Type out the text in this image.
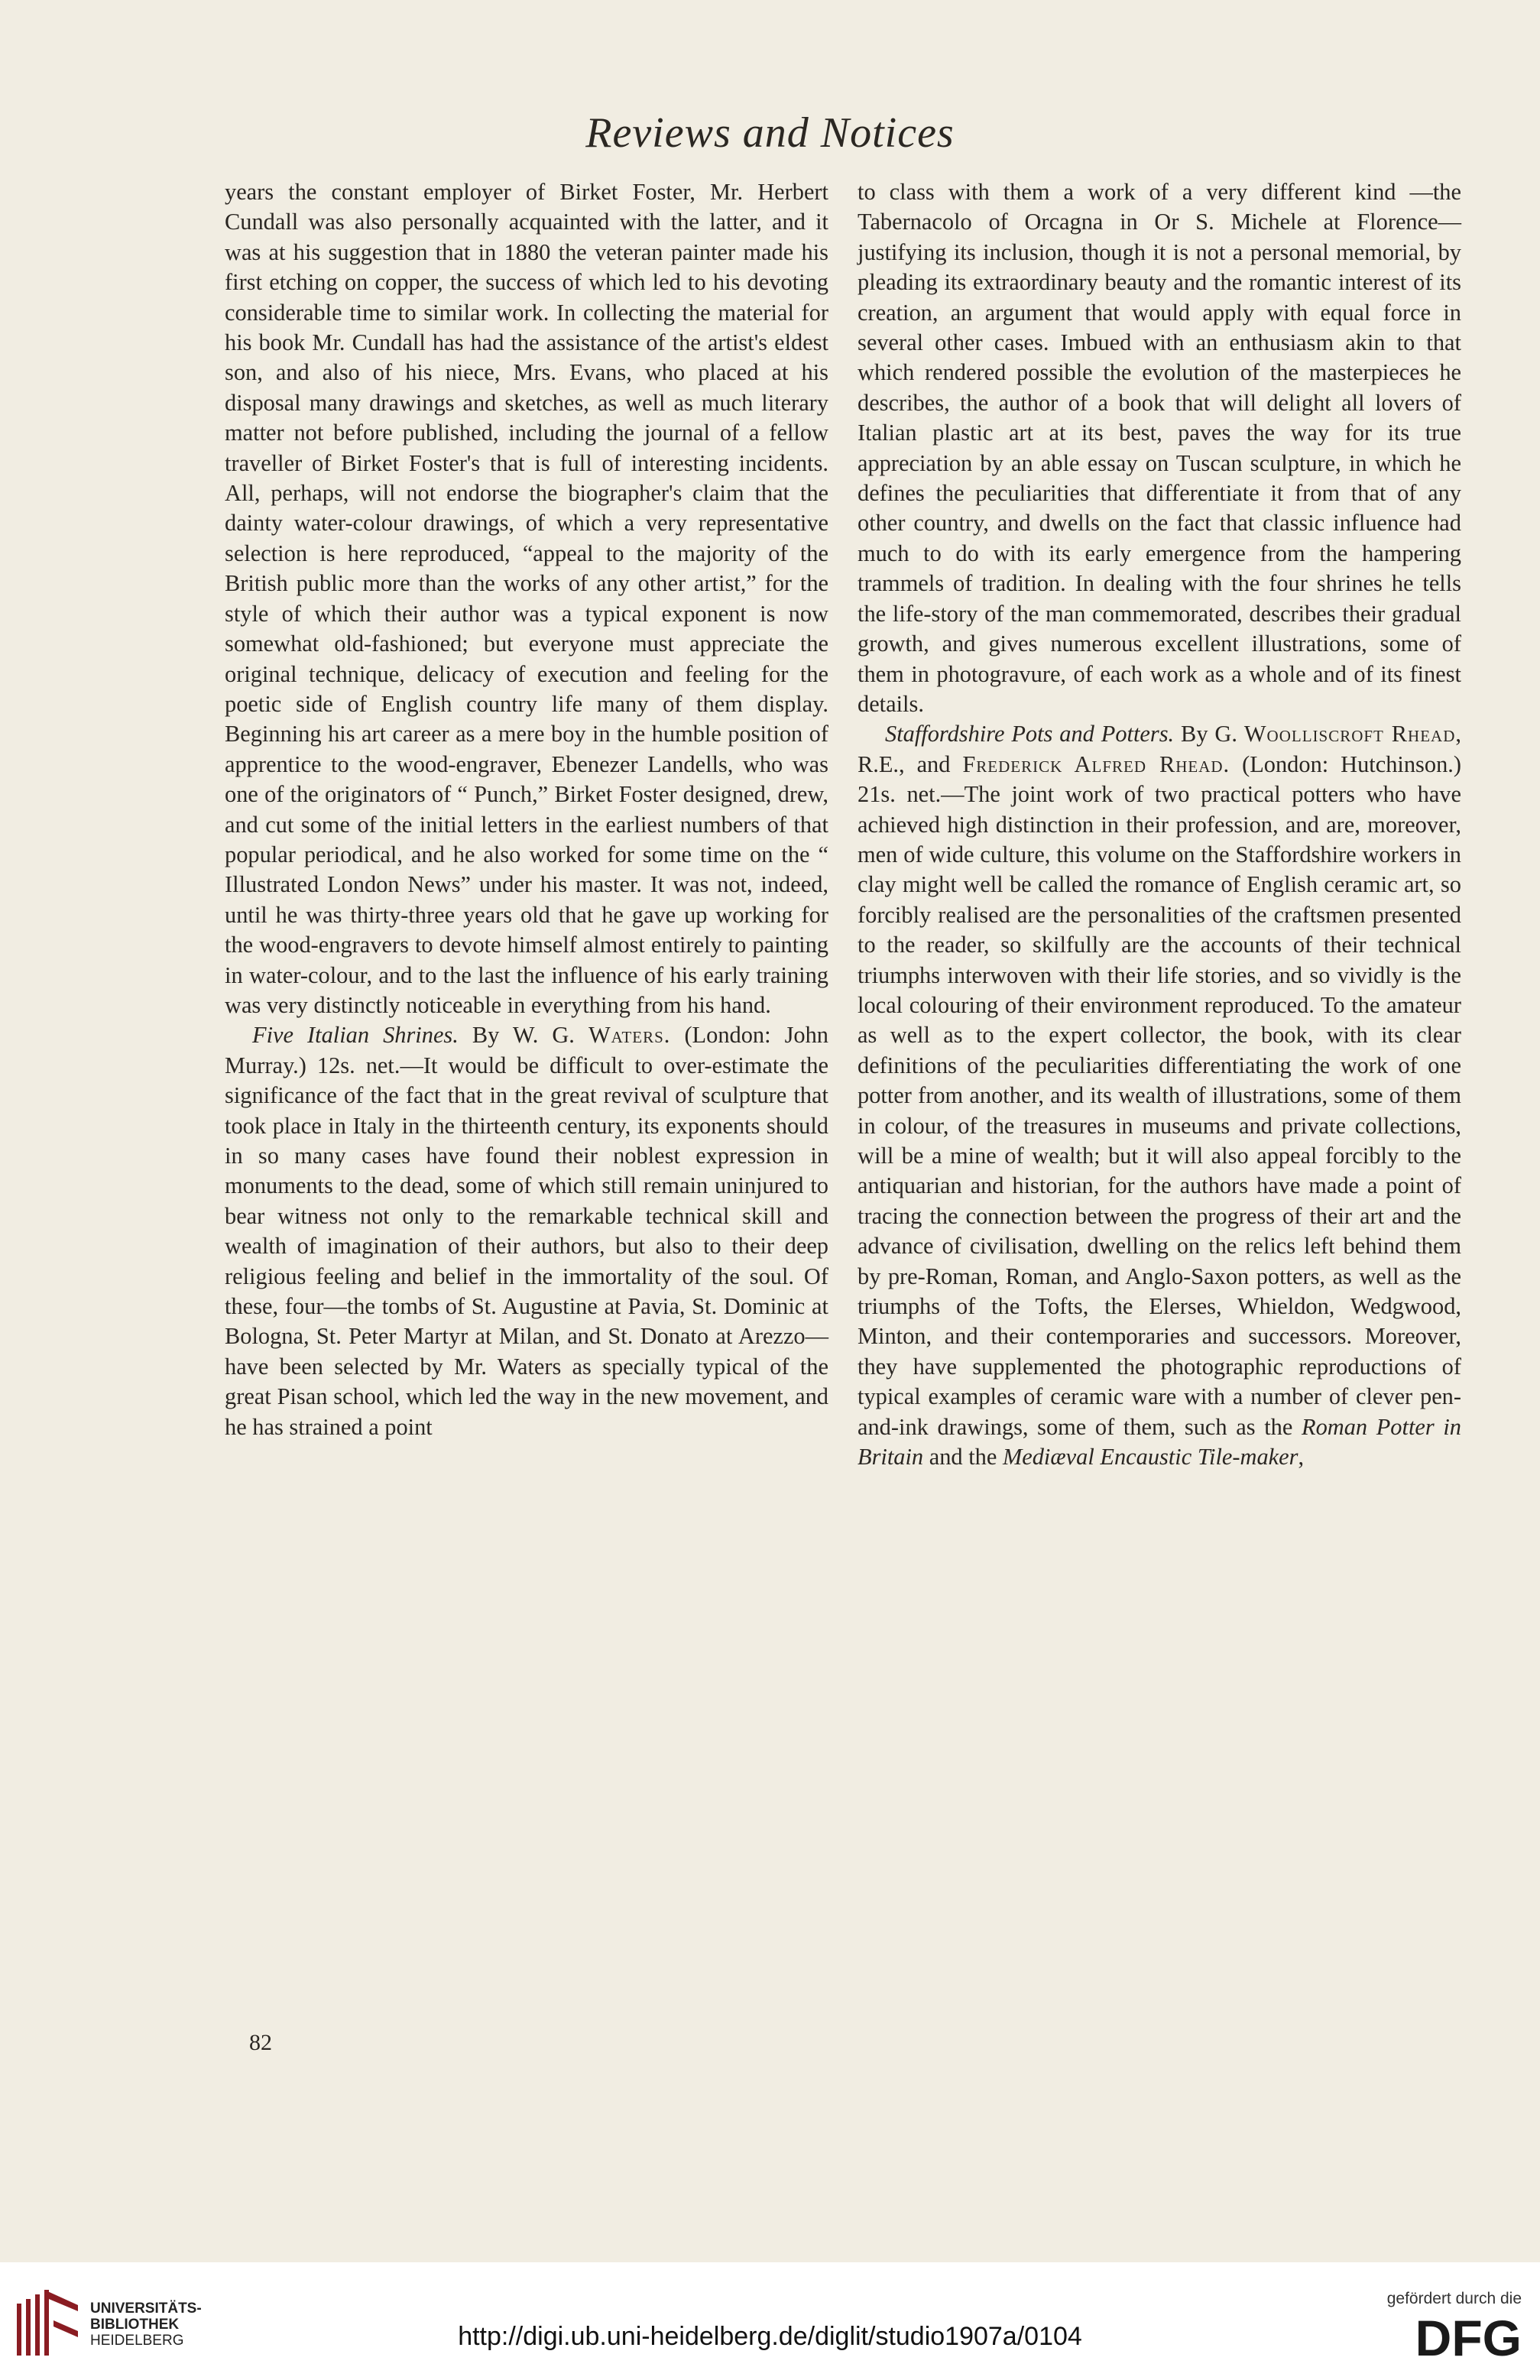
Reviews and Notices

years the constant employer of Birket Foster, Mr. Herbert Cundall was also personally acquainted with the latter, and it was at his suggestion that in 1880 the veteran painter made his first etching on copper, the success of which led to his devoting considerable time to similar work. In collecting the material for his book Mr. Cundall has had the assistance of the artist's eldest son, and also of his niece, Mrs. Evans, who placed at his disposal many drawings and sketches, as well as much literary matter not before published, including the journal of a fellow traveller of Birket Foster's that is full of interesting incidents. All, perhaps, will not endorse the biographer's claim that the dainty water-colour drawings, of which a very representative selection is here reproduced, “appeal to the majority of the British public more than the works of any other artist,” for the style of which their author was a typical exponent is now somewhat old-fashioned; but everyone must appreciate the original technique, delicacy of execution and feeling for the poetic side of English country life many of them display. Beginning his art career as a mere boy in the humble position of apprentice to the wood-engraver, Ebenezer Landells, who was one of the originators of “ Punch,” Birket Foster designed, drew, and cut some of the initial letters in the earliest numbers of that popular periodical, and he also worked for some time on the “ Illustrated London News” under his master. It was not, indeed, until he was thirty-three years old that he gave up working for the wood-engravers to devote himself almost entirely to painting in water-colour, and to the last the influence of his early training was very distinctly noticeable in everything from his hand.

Five Italian Shrines. By W. G. Waters. (London: John Murray.) 12s. net.—It would be difficult to over-estimate the significance of the fact that in the great revival of sculpture that took place in Italy in the thirteenth century, its exponents should in so many cases have found their noblest expression in monuments to the dead, some of which still remain uninjured to bear witness not only to the remarkable technical skill and wealth of imagination of their authors, but also to their deep religious feeling and belief in the immortality of the soul. Of these, four—the tombs of St. Augustine at Pavia, St. Dominic at Bologna, St. Peter Martyr at Milan, and St. Donato at Arezzo—have been selected by Mr. Waters as specially typical of the great Pisan school, which led the way in the new movement, and he has strained a point

to class with them a work of a very different kind —the Tabernacolo of Orcagna in Or S. Michele at Florence—justifying its inclusion, though it is not a personal memorial, by pleading its extraordinary beauty and the romantic interest of its creation, an argument that would apply with equal force in several other cases. Imbued with an enthusiasm akin to that which rendered possible the evolution of the masterpieces he describes, the author of a book that will delight all lovers of Italian plastic art at its best, paves the way for its true appreciation by an able essay on Tuscan sculpture, in which he defines the peculiarities that differentiate it from that of any other country, and dwells on the fact that classic influence had much to do with its early emergence from the hampering trammels of tradition. In dealing with the four shrines he tells the life-story of the man commemorated, describes their gradual growth, and gives numerous excellent illustrations, some of them in photogravure, of each work as a whole and of its finest details.

Staffordshire Pots and Potters. By G. Woolliscroft Rhead, R.E., and Frederick Alfred Rhead. (London: Hutchinson.) 21s. net.—The joint work of two practical potters who have achieved high distinction in their profession, and are, moreover, men of wide culture, this volume on the Staffordshire workers in clay might well be called the romance of English ceramic art, so forcibly realised are the personalities of the craftsmen presented to the reader, so skilfully are the accounts of their technical triumphs interwoven with their life stories, and so vividly is the local colouring of their environment reproduced. To the amateur as well as to the expert collector, the book, with its clear definitions of the peculiarities differentiating the work of one potter from another, and its wealth of illustrations, some of them in colour, of the treasures in museums and private collections, will be a mine of wealth; but it will also appeal forcibly to the antiquarian and historian, for the authors have made a point of tracing the connection between the progress of their art and the advance of civilisation, dwelling on the relics left behind them by pre-Roman, Roman, and Anglo-Saxon potters, as well as the triumphs of the Tofts, the Elerses, Whieldon, Wedgwood, Minton, and their contemporaries and successors. Moreover, they have supplemented the photographic reproductions of typical examples of ceramic ware with a number of clever pen-and-ink drawings, some of them, such as the Roman Potter in Britain and the Mediæval Encaustic Tile-maker,

82
UNIVERSITÄTS-
BIBLIOTHEK
HEIDELBERG	http://digi.ub.uni-heidelberg.de/diglit/studio1907a/0104
gefördert durch die
DFG
